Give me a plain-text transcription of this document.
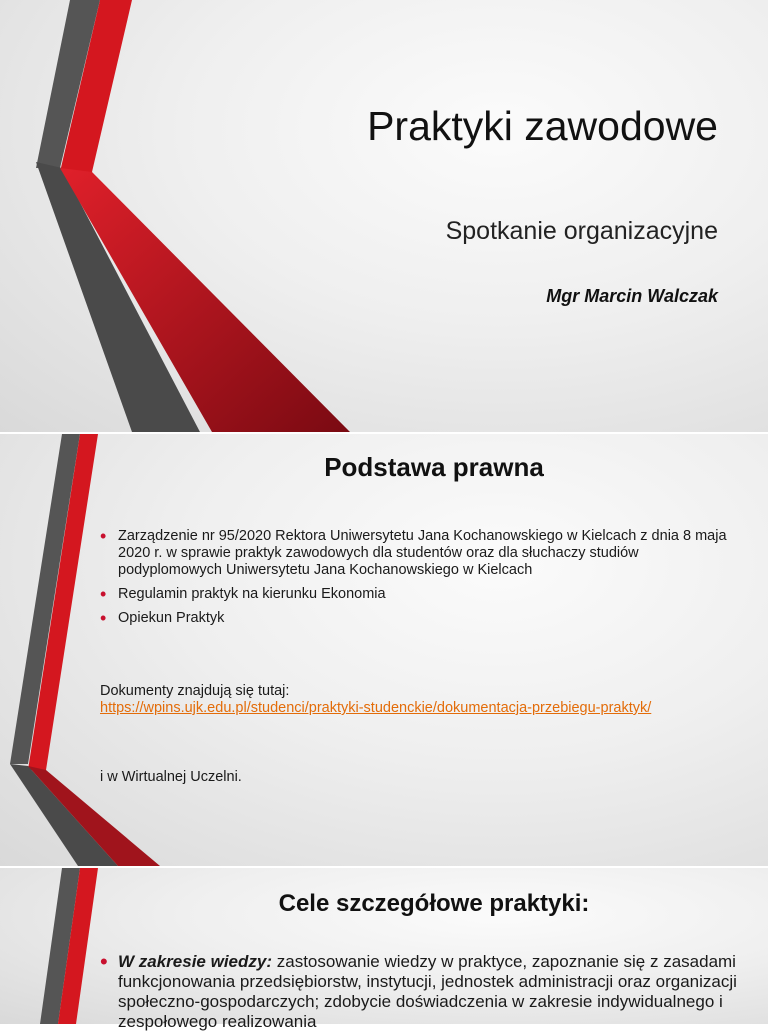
Praktyki zawodowe
Spotkanie organizacyjne
Mgr Marcin Walczak
Podstawa prawna
• Zarządzenie nr 95/2020 Rektora Uniwersytetu Jana Kochanowskiego w Kielcach z dnia 8 maja 2020 r. w sprawie praktyk zawodowych dla studentów oraz dla słuchaczy studiów podyplomowych Uniwersytetu Jana Kochanowskiego w Kielcach
• Regulamin praktyk na kierunku Ekonomia
• Opiekun Praktyk
Dokumenty znajdują się tutaj:
https://wpins.ujk.edu.pl/studenci/praktyki-studenckie/dokumentacja-przebiegu-praktyk/
i w Wirtualnej Uczelni.
Cele szczegółowe praktyki:
• W zakresie wiedzy: zastosowanie wiedzy w praktyce, zapoznanie się z zasadami funkcjonowania przedsiębiorstw, instytucji, jednostek administracji oraz organizacji społeczno-gospodarczych; zdobycie doświadczenia w zakresie indywidualnego i zespołowego realizowania
